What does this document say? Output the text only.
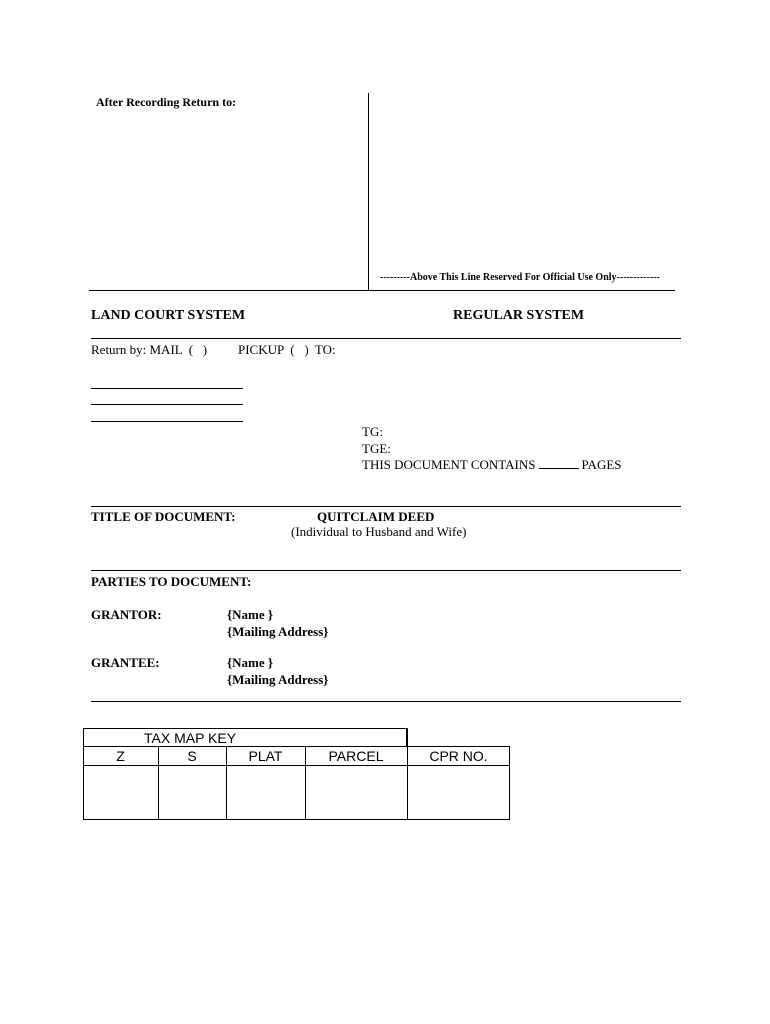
After Recording Return to:
---------Above This Line Reserved For Official Use Only-------------
LAND COURT SYSTEM	REGULAR SYSTEM
Return by: MAIL  (   ) PICKUP  (   )  TO:
TG:
TGE:
THIS DOCUMENT CONTAINS	PAGES
TITLE OF DOCUMENT:	QUITCLAIM DEED
(Individual to Husband and Wife)
PARTIES TO DOCUMENT:
GRANTOR:	{Name }
{Mailing Address}
GRANTEE:	{Name }
{Mailing Address}
TAX MAP KEY
Z	S	PLAT	PARCEL	CPR NO.
